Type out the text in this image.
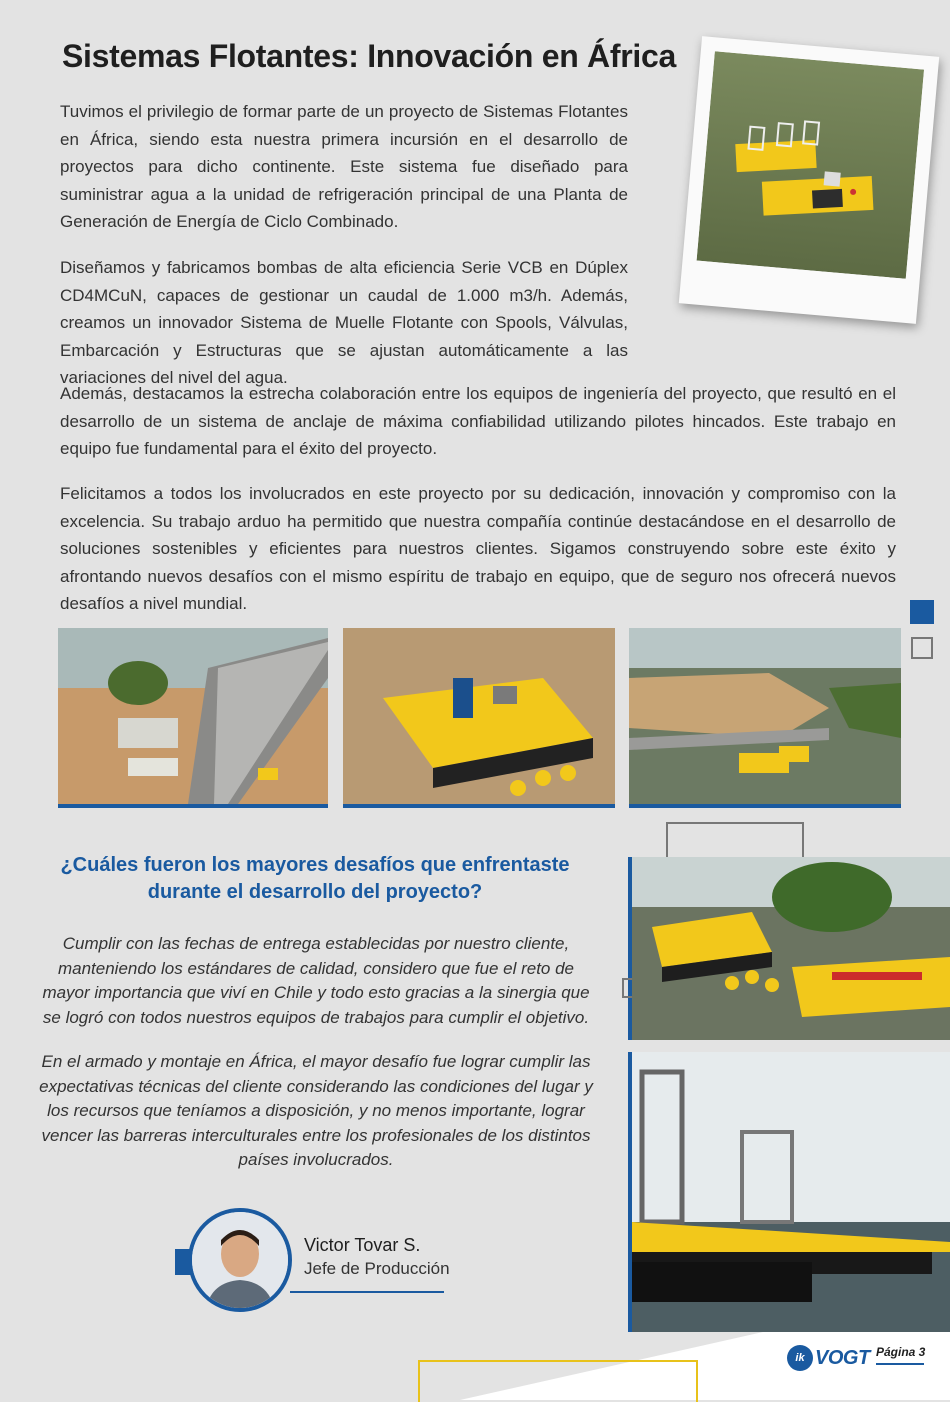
Sistemas Flotantes: Innovación en África

Tuvimos el privilegio de formar parte de un proyecto de Sistemas Flotantes en África, siendo esta nuestra primera incursión en el desarrollo de proyectos para dicho continente. Este sistema fue diseñado para suministrar agua a la unidad de refrigeración principal de una Planta de Generación de Energía de Ciclo Combinado.

Diseñamos y fabricamos bombas de alta eficiencia Serie VCB en Dúplex CD4MCuN, capaces de gestionar un caudal de 1.000 m3/h. Además, creamos un innovador Sistema de Muelle Flotante con Spools, Válvulas, Embarcación y Estructuras que se ajustan automáticamente a las variaciones del nivel del agua.

Además, destacamos la estrecha colaboración entre los equipos de ingeniería del proyecto, que resultó en el desarrollo de un sistema de anclaje de máxima confiabilidad utilizando pilotes hincados. Este trabajo en equipo fue fundamental para el éxito del proyecto.

Felicitamos a todos los involucrados en este proyecto por su dedicación, innovación y compromiso con la excelencia. Su trabajo arduo ha permitido que nuestra compañía continúe destacándose en el desarrollo de soluciones sostenibles y eficientes para nuestros clientes. Sigamos construyendo sobre este éxito y afrontando nuevos desafíos con el mismo espíritu de trabajo en equipo, que de seguro nos ofrecerá nuevos desafíos a nivel mundial.

¿Cuáles fueron los mayores desafíos que enfrentaste durante el desarrollo del proyecto?

Cumplir con las fechas de entrega establecidas por nuestro cliente, manteniendo los estándares de calidad, considero que fue el reto de mayor importancia que viví en Chile y todo esto gracias a la sinergia que se logró con todos nuestros equipos de trabajos para cumplir el objetivo.

En el armado y montaje en África, el mayor desafío fue lograr cumplir las expectativas técnicas del cliente considerando las condiciones del lugar y los recursos que teníamos a disposición, y no menos importante, lograr vencer las barreras interculturales entre los profesionales de los distintos países involucrados.

Victor Tovar S.

Jefe de Producción

ik VOGT Página 3
